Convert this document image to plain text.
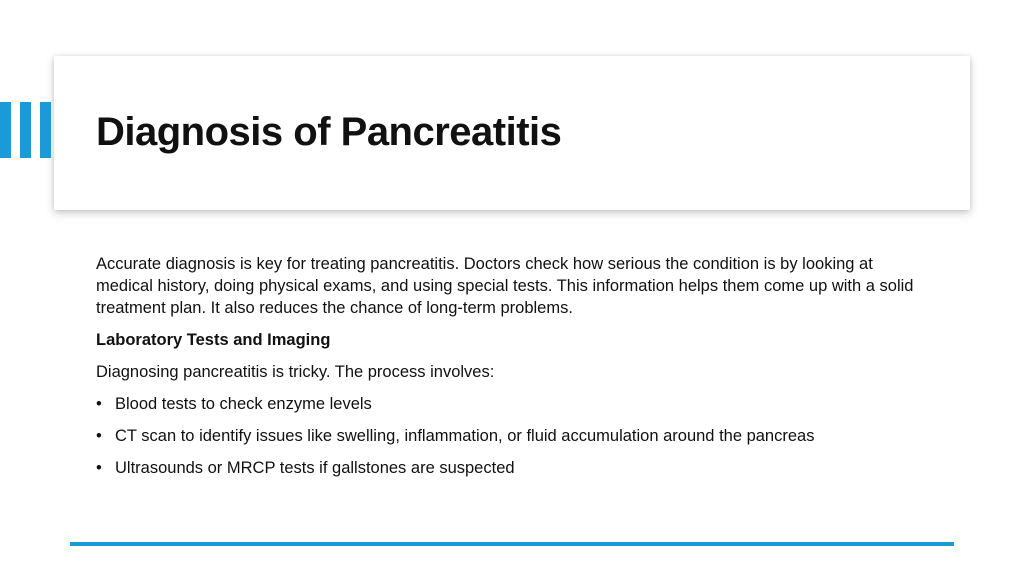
Diagnosis of Pancreatitis

Accurate diagnosis is key for treating pancreatitis. Doctors check how serious the condition is by looking at medical history, doing physical exams, and using special tests. This information helps them come up with a solid treatment plan. It also reduces the chance of long-term problems.

Laboratory Tests and Imaging

Diagnosing pancreatitis is tricky. The process involves:

• Blood tests to check enzyme levels
• CT scan to identify issues like swelling, inflammation, or fluid accumulation around the pancreas
• Ultrasounds or MRCP tests if gallstones are suspected
